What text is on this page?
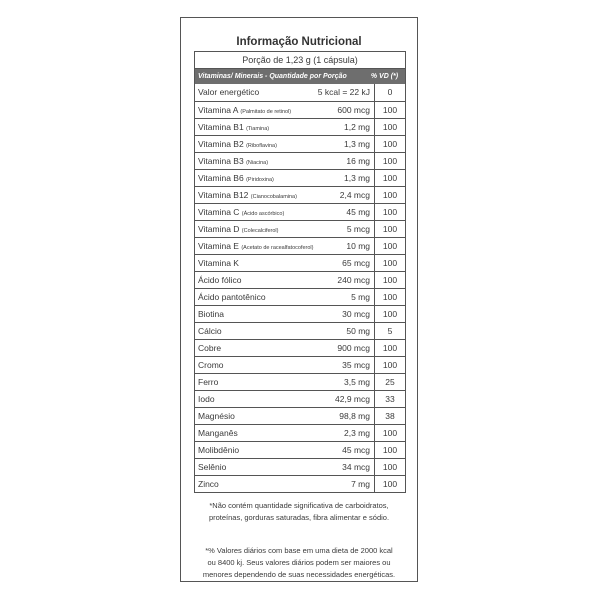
Informação Nutricional
Porção de 1,23 g (1 cápsula)
Vitaminas/ Minerais - Quantidade por Porção	% VD (*)
Valor energético	5 kcal = 22 kJ	0
Vitamina A (Palmitato de retinol)	600 mcg	100
Vitamina B1 (Tiamina)	1,2 mg	100
Vitamina B2 (Riboflavina)	1,3 mg	100
Vitamina B3 (Niacina)	16 mg	100
Vitamina B6 (Piridoxina)	1,3 mg	100
Vitamina B12 (Cianocobalamina)	2,4 mcg	100
Vitamina C (Ácido ascórbico)	45 mg	100
Vitamina D (Colecalciferol)	5 mcg	100
Vitamina E (Acetato de racealfatocoferol)	10 mg	100
Vitamina K	65 mcg	100
Ácido fólico	240 mcg	100
Ácido pantotênico	5 mg	100
Biotina	30 mcg	100
Cálcio	50 mg	5
Cobre	900 mcg	100
Cromo	35 mcg	100
Ferro	3,5 mg	25
Iodo	42,9 mcg	33
Magnésio	98,8 mg	38
Manganês	2,3 mg	100
Molibdênio	45 mcg	100
Selênio	34 mcg	100
Zinco	7 mg	100
*Não contém quantidade significativa de carboidratos,
proteínas, gorduras saturadas, fibra alimentar e sódio.
*% Valores diários com base em uma dieta de 2000 kcal
ou 8400 kj. Seus valores diários podem ser maiores ou
menores dependendo de suas necessidades energéticas.
